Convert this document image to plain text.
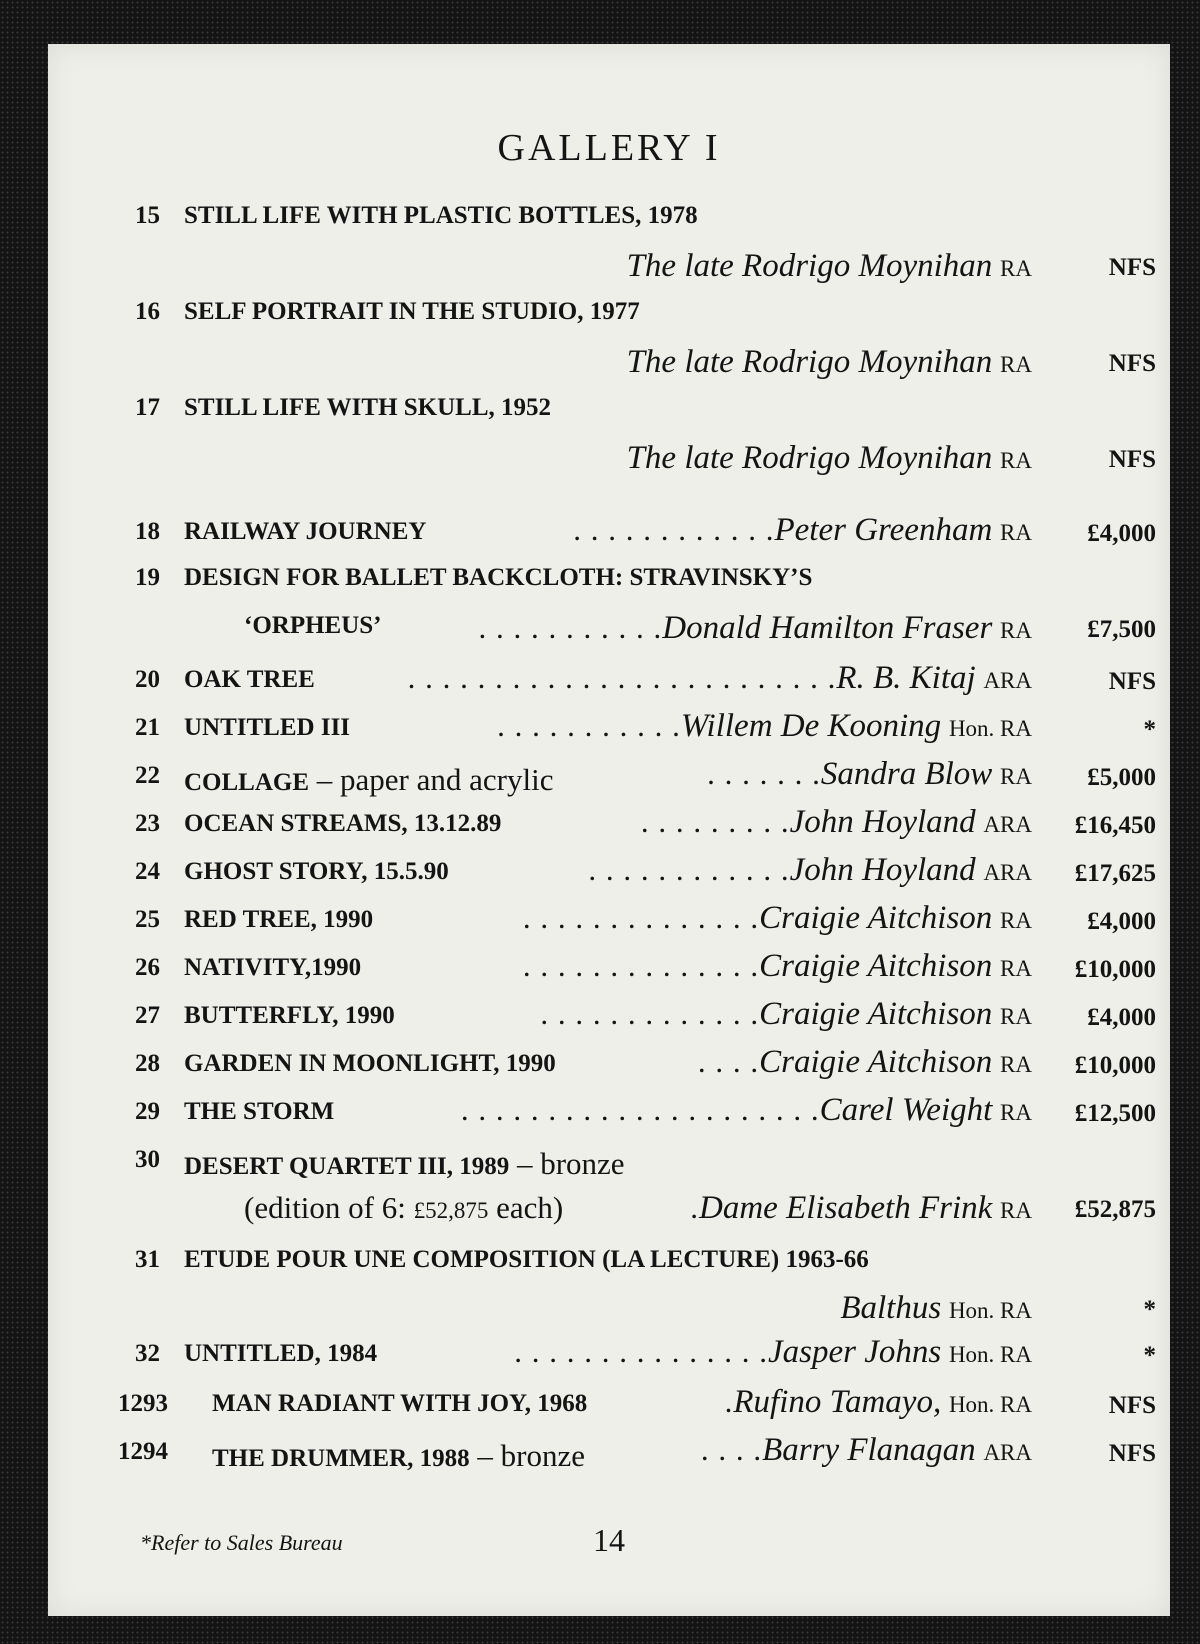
GALLERY I
15 STILL LIFE WITH PLASTIC BOTTLES, 1978
The late Rodrigo Moynihan RA	NFS
16 SELF PORTRAIT IN THE STUDIO, 1977
The late Rodrigo Moynihan RA	NFS
17 STILL LIFE WITH SKULL, 1952
The late Rodrigo Moynihan RA	NFS
18 RAILWAY JOURNEY	. . . . . . . . . . . .Peter Greenham RA £4,000
19 DESIGN FOR BALLET BACKCLOTH: STRAVINSKY’S
‘ORPHEUS’	. . . . . . . . . . .Donald Hamilton Fraser RA £7,500
20 OAK TREE	. . . . . . . . . . . . . . . . . . . . . . . . .R. B. Kitaj ARA	NFS
21 UNTITLED III	. . . . . . . . . . .Willem De Kooning Hon. RA	*
22 COLLAGE – paper and acrylic	. . . . . . .Sandra Blow RA £5,000
23 OCEAN STREAMS, 13.12.89	. . . . . . . . .John Hoyland ARA £16,450
24 GHOST STORY, 15.5.90	. . . . . . . . . . . .John Hoyland ARA £17,625
25 RED TREE, 1990	. . . . . . . . . . . . . .Craigie Aitchison RA £4,000
26 NATIVITY,1990	. . . . . . . . . . . . . .Craigie Aitchison RA £10,000
27 BUTTERFLY, 1990	. . . . . . . . . . . . .Craigie Aitchison RA £4,000
28 GARDEN IN MOONLIGHT, 1990	. . . .Craigie Aitchison RA £10,000
29 THE STORM	. . . . . . . . . . . . . . . . . . . . .Carel Weight RA £12,500
30 DESERT QUARTET III, 1989 – bronze
(edition of 6: £52,875 each)	.Dame Elisabeth Frink RA £52,875
31 ETUDE POUR UNE COMPOSITION (LA LECTURE) 1963-66
Balthus Hon. RA	*
32 UNTITLED, 1984	. . . . . . . . . . . . . . .Jasper Johns Hon. RA	*
1293 MAN RADIANT WITH JOY, 1968	.Rufino Tamayo, Hon. RA	NFS
1294 THE DRUMMER, 1988 – bronze	. . . .Barry Flanagan ARA	NFS
*Refer to Sales Bureau	14
